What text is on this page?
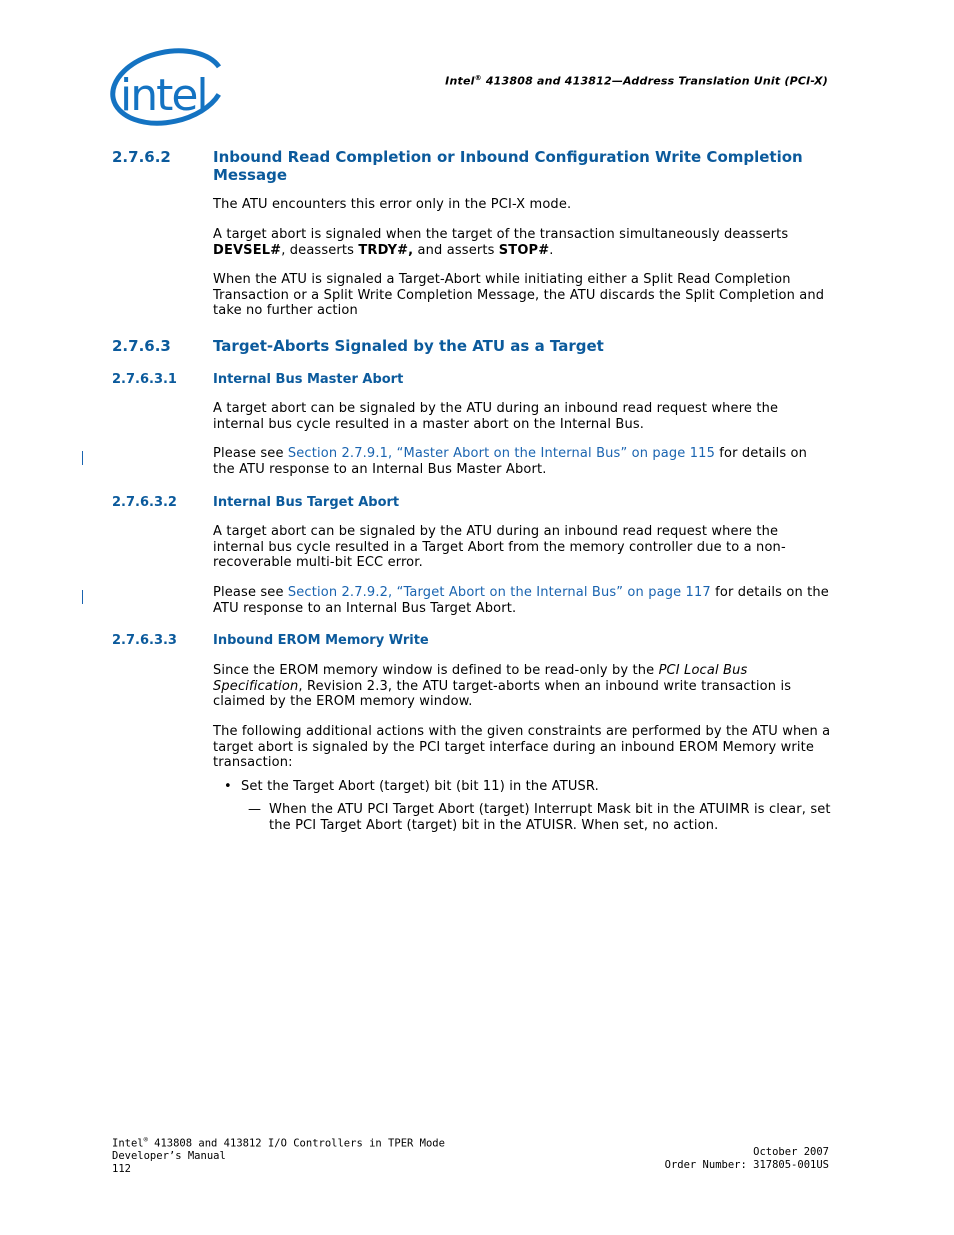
intel	Intel® 413808 and 413812—Address Translation Unit (PCI-X)
2.7.6.2	Inbound Read Completion or Inbound Configuration Write Completion Message
The ATU encounters this error only in the PCI-X mode.
A target abort is signaled when the target of the transaction simultaneously deasserts DEVSEL#, deasserts TRDY#, and asserts STOP#.
When the ATU is signaled a Target-Abort while initiating either a Split Read Completion Transaction or a Split Write Completion Message, the ATU discards the Split Completion and take no further action
2.7.6.3	Target-Aborts Signaled by the ATU as a Target
2.7.6.3.1	Internal Bus Master Abort
A target abort can be signaled by the ATU during an inbound read request where the internal bus cycle resulted in a master abort on the Internal Bus.
Please see Section 2.7.9.1, “Master Abort on the Internal Bus” on page 115 for details on the ATU response to an Internal Bus Master Abort.
2.7.6.3.2	Internal Bus Target Abort
A target abort can be signaled by the ATU during an inbound read request where the internal bus cycle resulted in a Target Abort from the memory controller due to a non-recoverable multi-bit ECC error.
Please see Section 2.7.9.2, “Target Abort on the Internal Bus” on page 117 for details on the ATU response to an Internal Bus Target Abort.
2.7.6.3.3	Inbound EROM Memory Write
Since the EROM memory window is defined to be read-only by the PCI Local Bus Specification, Revision 2.3, the ATU target-aborts when an inbound write transaction is claimed by the EROM memory window.
The following additional actions with the given constraints are performed by the ATU when a target abort is signaled by the PCI target interface during an inbound EROM Memory write transaction:
• Set the Target Abort (target) bit (bit 11) in the ATUSR.
— When the ATU PCI Target Abort (target) Interrupt Mask bit in the ATUIMR is clear, set the PCI Target Abort (target) bit in the ATUISR. When set, no action.
Intel® 413808 and 413812 I/O Controllers in TPER Mode
Developer’s Manual
112
October 2007
Order Number: 317805-001US
